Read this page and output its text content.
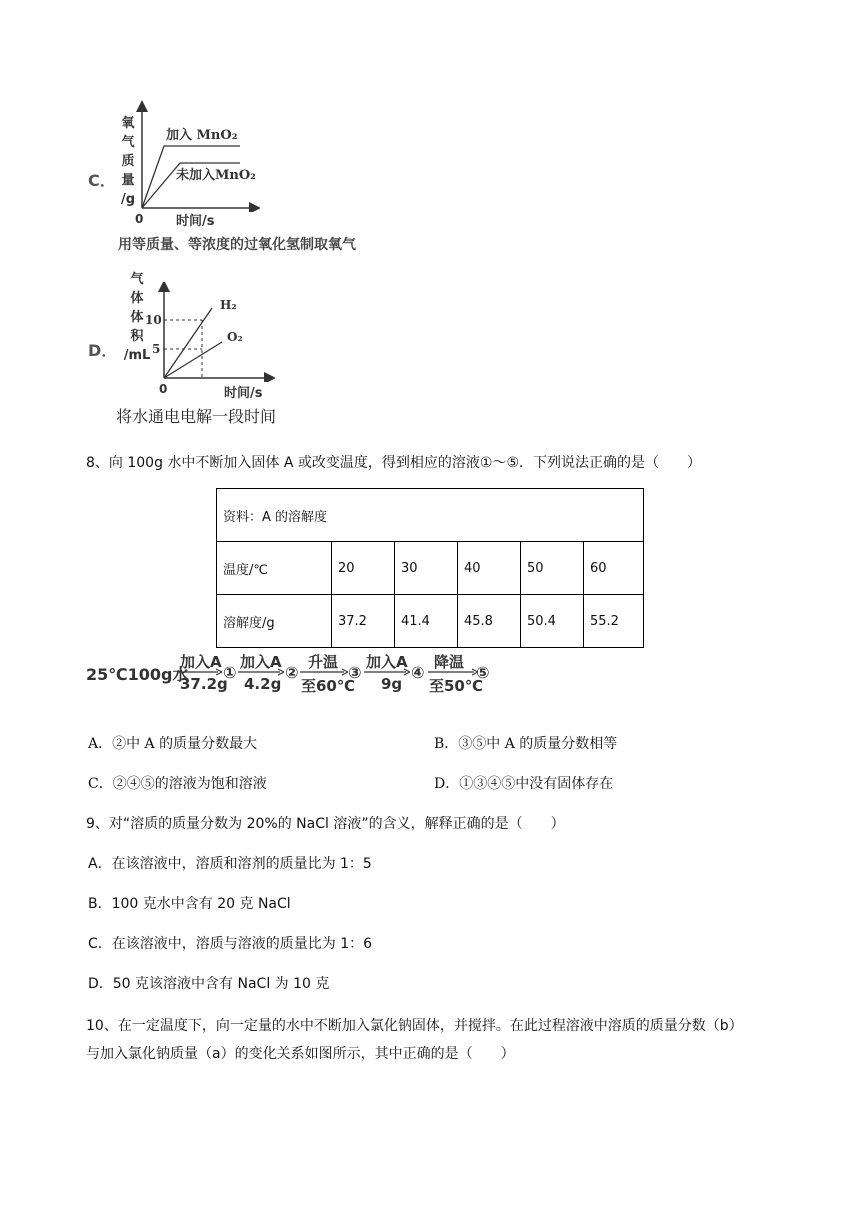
C．
氧
气
质
量
/g
加入 MnO₂
未加入MnO₂
0	时间/s
用等质量、等浓度的过氧化氢制取氧气
D．
气
体
体
积
/mL
10
5
H₂
O₂
0	时间/s
将水通电电解一段时间
8、向 100g 水中不断加入固体 A 或改变温度，得到相应的溶液①～⑤．下列说法正确的是（　　）
资料：A 的溶解度					
温度/℃	20	30	40	50	60
溶解度/g	37.2	41.4	45.8	50.4	55.2
25℃100g水
加入A
37.2g
①
加入A
4.2g
②
升温
至60℃
③
加入A
9g
④
降温
至50℃
⑤
A．②中 A 的质量分数最大	B．③⑤中 A 的质量分数相等
C．②④⑤的溶液为饱和溶液	D．①③④⑤中没有固体存在
9、对“溶质的质量分数为 20%的 NaCl 溶液”的含义，解释正确的是（　　）
A．在该溶液中，溶质和溶剂的质量比为 1：5
B．100 克水中含有 20 克 NaCl
C．在该溶液中，溶质与溶液的质量比为 1：6
D．50 克该溶液中含有 NaCl 为 10 克
10、在一定温度下，向一定量的水中不断加入氯化钠固体，并搅拌。在此过程溶液中溶质的质量分数（b）
与加入氯化钠质量（a）的变化关系如图所示，其中正确的是（　　）
